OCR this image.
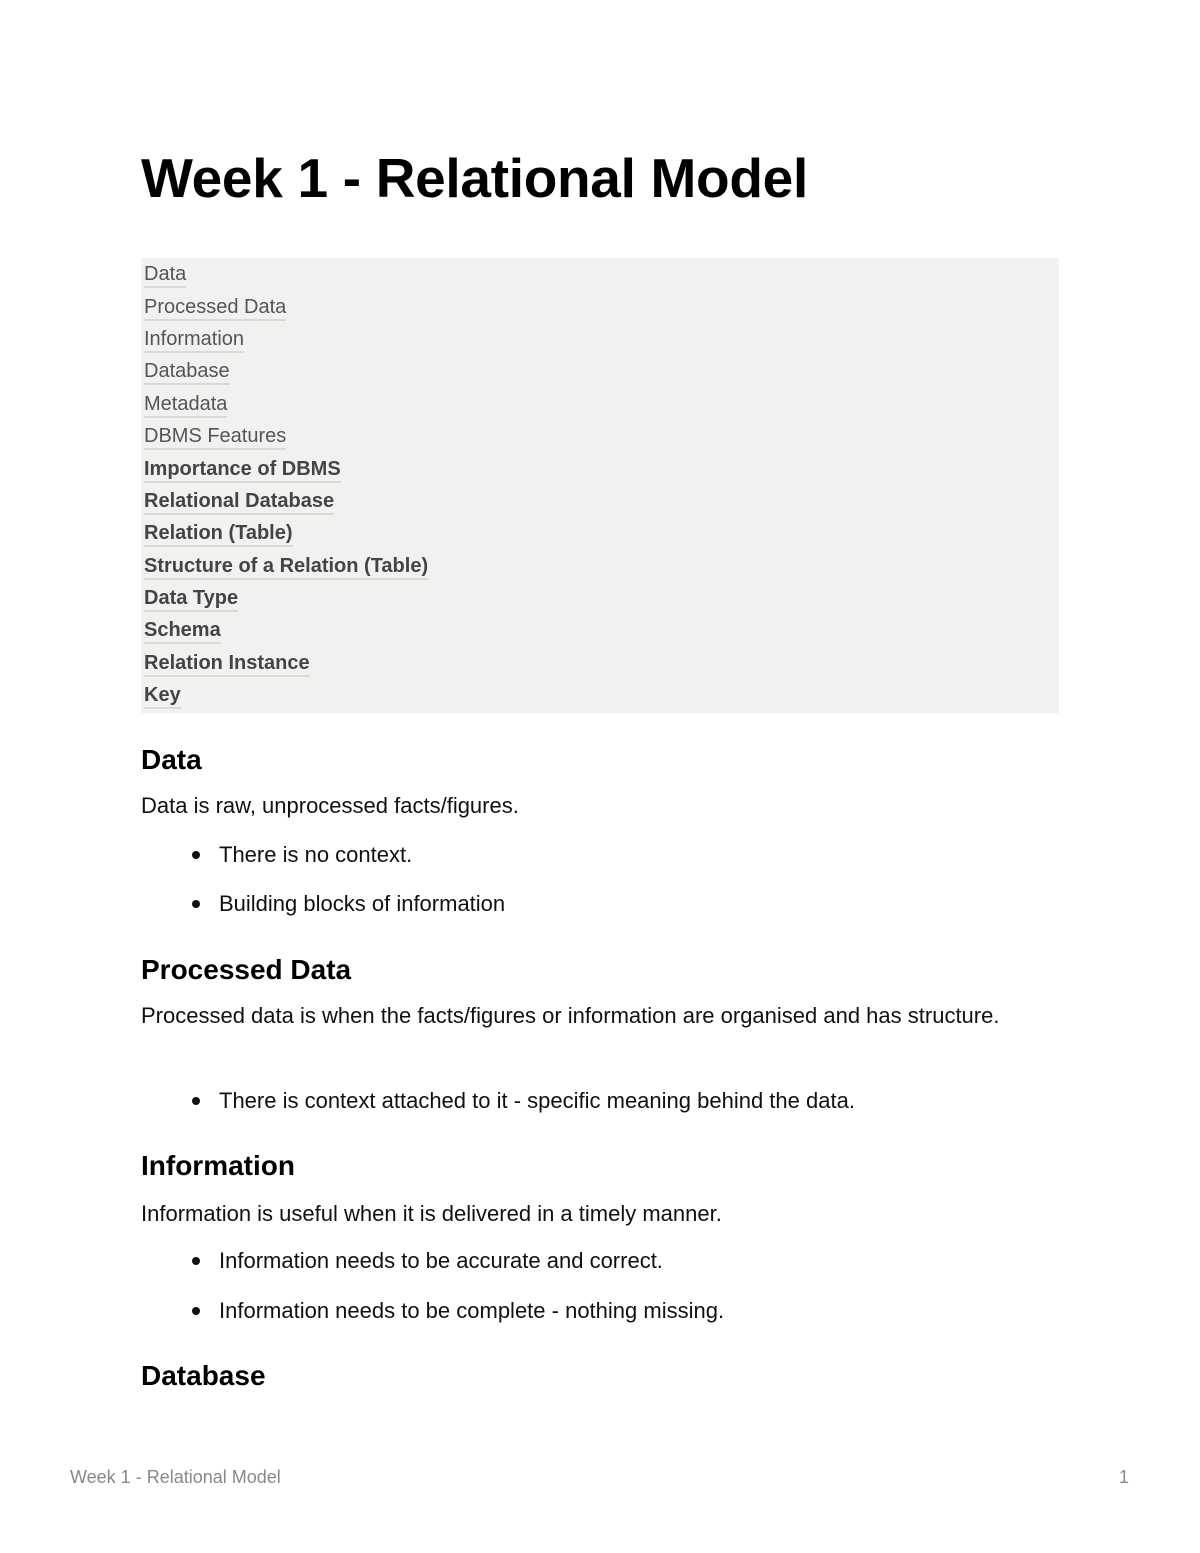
Week 1 - Relational Model
Data
Processed Data
Information
Database
Metadata
DBMS Features
Importance of DBMS
Relational Database
Relation (Table)
Structure of a Relation (Table)
Data Type
Schema
Relation Instance
Key
Data

Data is raw, unprocessed facts/figures.

There is no context.
Building blocks of information
Processed Data

Processed data is when the facts/figures or information are organised and has structure.

There is context attached to it - specific meaning behind the data.
Information

Information is useful when it is delivered in a timely manner.

Information needs to be accurate and correct.
Information needs to be complete - nothing missing.
Database
Week 1 - Relational Model	1
